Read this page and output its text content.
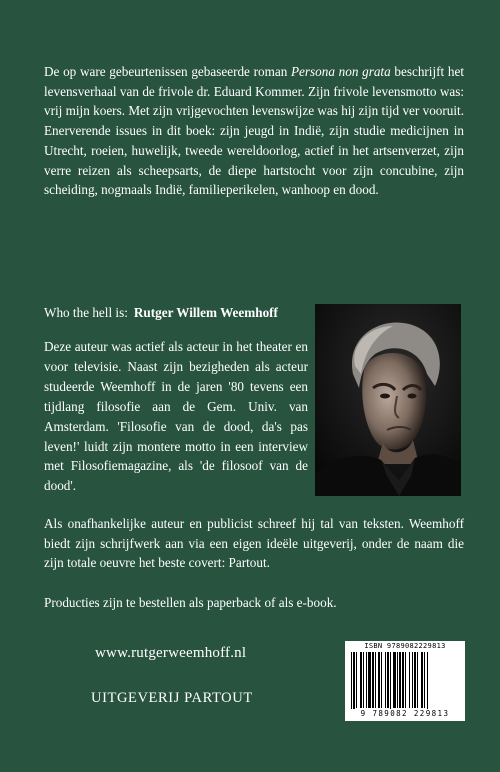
De op ware gebeurtenissen gebaseerde roman Persona non grata beschrijft het levensverhaal van de frivole dr. Eduard Kommer. Zijn frivole levensmotto was: vrij mijn koers. Met zijn vrijgevochten levenswijze was hij zijn tijd ver vooruit. Enerverende issues in dit boek: zijn jeugd in Indië, zijn studie medicijnen in Utrecht, roeien, huwelijk, tweede wereldoorlog, actief in het artsenverzet, zijn verre reizen als scheepsarts, de diepe hartstocht voor zijn concubine, zijn scheiding, nogmaals Indië, familieperikelen, wanhoop en dood.

Who the hell is: Rutger Willem Weemhoff

Deze auteur was actief als acteur in het theater en voor televisie. Naast zijn bezigheden als acteur studeerde Weemhoff in de jaren '80 tevens een tijdlang filosofie aan de Gem. Univ. van Amsterdam. 'Filosofie van de dood, da's pas leven!' luidt zijn montere motto in een interview met Filosofiemagazine, als 'de filosoof van de dood'.

Als onafhankelijke auteur en publicist schreef hij tal van teksten. Weemhoff biedt zijn schrijfwerk aan via een eigen ideële uitgeverij, onder de naam die zijn totale oeuvre het beste covert: Partout.

Producties zijn te bestellen als paperback of als e-book.

www.rutgerweemhoff.nl

UITGEVERIJ PARTOUT

ISBN 9789082229813
9 789082 229813
